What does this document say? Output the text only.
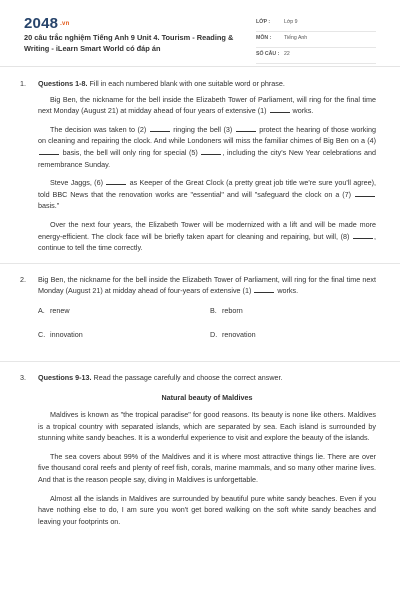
2048 .vn
20 câu trắc nghiệm Tiếng Anh 9 Unit 4. Tourism - Reading & Writing - iLearn Smart World có đáp án
LỚP :	Lớp 9
MÔN : Tiếng Anh
SỐ CÂU : 22
1.	Questions 1-8. Fill in each numbered blank with one suitable word or phrase.

Big Ben, the nickname for the bell inside the Elizabeth Tower of Parliament, will ring for the final time next Monday (August 21) at midday ahead of four years of extensive (1)	works.

The decision was taken to (2)	ringing the bell (3)	protect the hearing of those working on cleaning and repairing the clock. And while Londoners will miss the familiar chimes of Big Ben on a (4)  basis, the bell will only ring for special (5)	, including the city's New Year celebrations and remembrance Sunday.

Steve Jaggs, (6)	as Keeper of the Great Clock (a pretty great job title we're sure you'll agree), told BBC News that the renovation works are "essential" and will "safeguard the clock on a (7)  basis."

Over the next four years, the Elizabeth Tower will be modernized with a lift and will be made more energy-efficient. The clock face will be briefly taken apart for cleaning and repairing, but will, (8)	, continue to tell the time correctly.

2.	Big Ben, the nickname for the bell inside the Elizabeth Tower of Parliament, will ring for the final time next Monday (August 21) at midday ahead of four-years of extensive (1)	works.
A. renew	B. reborn
C. innovation	D. renovation
3.	Questions 9-13. Read the passage carefully and choose the correct answer.
Natural beauty of Maldives

Maldives is known as "the tropical paradise" for good reasons. Its beauty is none like others. Maldives is a tropical country with separated islands, which are separated by sea. Each island is surrounded by stunning white sandy beaches. It is a wonderful experience to visit and explore the beauty of the islands.

The sea covers about 99% of the Maldives and it is where most attractive things lie. There are over five thousand coral reefs and plenty of reef fish, corals, marine mammals, and so many other marine lives. And that is the reason people say, diving in Maldives is unforgettable.

Almost all the islands in Maldives are surrounded by beautiful pure white sandy beaches. Even if you have nothing else to do, I am sure you won't get bored walking on the soft white sandy beaches and leaving your footprints on.
